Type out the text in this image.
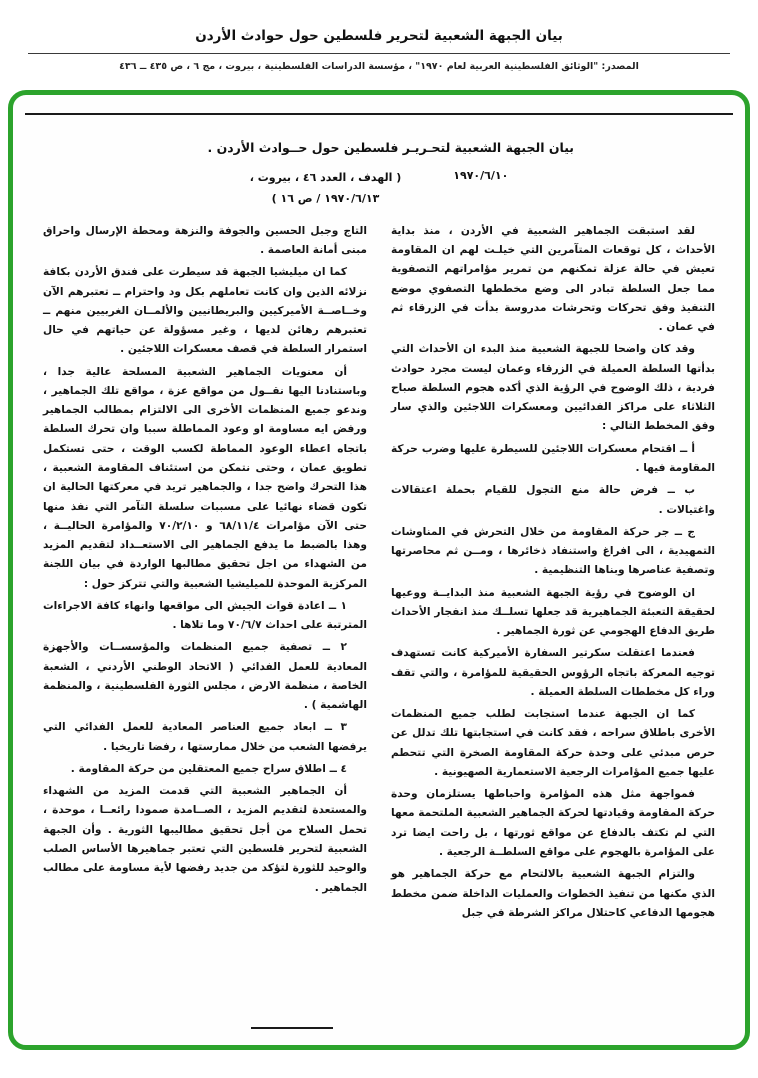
بيان الجبهة الشعبية لتحرير فلسطين حول حوادث الأردن
المصدر: "الوثائق الفلسطينية العربية لعام ١٩٧٠" ، مؤسسة الدراسات الفلسطينية ، بيروت ، مج ٦ ، ص ٤٣٥ ــ ٤٣٦
بيان الجبهة الشعبية لتحـريـر فلسطين حول حــوادث الأردن .
١٩٧٠/٦/١٠
( الهدف ، العدد ٤٦ ، بيروت ،
١٩٧٠/٦/١٣ / ص ١٦ )

لقد استبقت الجماهير الشعبية في الأردن ، منذ بداية الأحداث ، كل توقعات المتآمرين التي خيلـت لهم ان المقاومة تعيش في حالة عزلة تمكنهم من تمرير مؤامراتهم التصفوية مما جعل السلطة تبادر الى وضع مخططها التصفوي موضع التنفيذ وفق تحركات وتحرشات مدروسة بدأت في الزرقاء ثم في عمان .

وقد كان واضحا للجبهة الشعبية منذ البدء ان الأحداث التي بدأتها السلطة العميلة في الزرقاء وعمان ليست مجرد حوادث فردية ، ذلك الوضوح في الرؤية الذي أكده هجوم السلطة صباح الثلاثاء على مراكز الفدائيين ومعسكرات اللاجئين والذي سار وفق المخطط التالي :

أ ــ اقتحام معسكرات اللاجئين للسيطرة عليها وضرب حركة المقاومة فيها .

ب ــ فرض حالة منع التجول للقيام بحملة اعتقالات واغتيالات .

ج ــ جر حركة المقاومة من خلال التحرش في المناوشات التمهيدية ، الى افراغ واستنفاد ذخائرها ، ومــن ثم محاصرتها وتصفية عناصرها وبناها التنظيمية .

ان الوضوح في رؤية الجبهة الشعبية منذ البدايــة ووعيها لحقيقة التعبئة الجماهيرية قد جعلها تسلــك منذ انفجار الأحداث طريق الدفاع الهجومي عن ثورة الجماهير .

فعندما اعتقلت سكرتير السفارة الأميركية كانت تستهدف توجيه المعركة باتجاه الرؤوس الحقيقية للمؤامرة ، والتي تقف وراء كل مخططات السلطة العميلة .

كما ان الجبهة عندما استجابت لطلب جميع المنظمات الأخرى باطلاق سراحه ، فقد كانت في استجابتها تلك تدلل عن حرص مبدئي على وحدة حركة المقاومة الصخرة التي تتحطم عليها جميع المؤامرات الرجعية الاستعمارية الصهيونية .

فمواجهة مثل هذه المؤامرة واحباطها يستلزمان وحدة حركة المقاومة وقيادتها لحركة الجماهير الشعبية الملتحمة معها التي لم تكتف بالدفاع عن مواقع ثورتها ، بل راحت ايضا ترد على المؤامرة بالهجوم على مواقع السلطــة الرجعية .

والتزام الجبهة الشعبية بالالتحام مع حركة الجماهير هو الذي مكنها من تنفيذ الخطوات والعمليات الداخلة ضمن مخطط هجومها الدفاعي كاحتلال مراكز الشرطة في جبل

التاج وجبل الحسين والجوفة والنزهة ومحطة الإرسال واحراق مبنى أمانة العاصمة .

كما ان ميليشيا الجبهة قد سيطرت على فندق الأردن بكافة نزلائه الذين وان كانت تعاملهم بكل ود واحترام ــ تعتبرهم الآن وخــاصــة الأميركيين والبريطانيين والألمــان الغربيين منهم ــ تعتبرهم رهائن لديها ، وغير مسؤولة عن حياتهم في حال استمرار السلطة في قصف معسكرات اللاجئين .

أن معنويات الجماهير الشعبية المسلحة عالية جدا ، وباستنادنا اليها نقــول من مواقع عزة ، مواقع تلك الجماهير ، وندعو جميع المنظمات الأخرى الى الالتزام بمطالب الجماهير ورفض ايه مساومة او وعود المماطلة سببا وان تحرك السلطة باتجاه اعطاء الوعود المماطة لكسب الوقت ، حتى تستكمل تطويق عمان ، وحتى نتمكن من استئناف المقاومة الشعبية ، هذا التحرك واضح جدا ، والجماهير تريد في معركتها الحالية ان تكون قضاء نهائيا على مسببات سلسلة التآمر التي نفذ منها حتى الآن مؤامرات ٦٨/١١/٤ و ٧٠/٢/١٠ والمؤامرة الحاليــة ، وهذا بالضبط ما يدفع الجماهير الى الاستعــداد لتقديم المزيد من الشهداء من اجل تحقيق مطالبها الواردة في بيان اللجنة المركزية الموحدة للميليشيا الشعبية والتي تتركز حول :

١ ــ اعادة قوات الجيش الى مواقعها وانهاء كافة الاجراءات المترتبة على احداث ٧٠/٦/٧ وما تلاها .

٢ ــ تصفية جميع المنظمات والمؤسســات والأجهزة المعادية للعمل الفدائي ( الاتحاد الوطني الأردني ، الشعبة الخاصة ، منظمة الارض ، مجلس الثورة الفلسطينية ، والمنظمة الهاشمية ) .

٣ ــ ابعاد جميع العناصر المعادية للعمل الفدائي التي يرفضها الشعب من خلال ممارستها ، رفضا تاريخيا .

٤ ــ اطلاق سراح جميع المعتقلين من حركة المقاومة .

أن الجماهير الشعبية التي قدمت المزيد من الشهداء والمستعدة لتقديم المزيد ، الصــامدة صمودا رائعــا ، موحدة ، تحمل السلاح من أجل تحقيق مطاليبها الثورية . وأن الجبهة الشعبية لتحرير فلسطين التي تعتبر جماهيرها الأساس الصلب والوحيد للثورة لتؤكد من جديد رفضها لأية مساومة على مطالب الجماهير .
